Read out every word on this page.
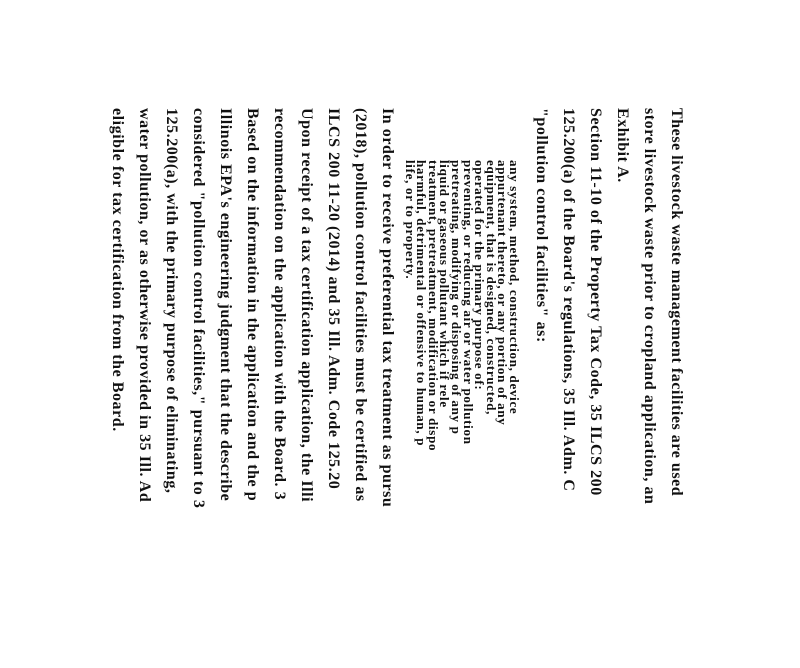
These livestock waste management facilities are used
store livestock waste prior to cropland application, an
Exhibit A.
Section 11-10 of the Property Tax Code, 35 ILCS 200
125.200(a) of the Board's regulations, 35 Ill. Adm. C
"pollution control facilities" as:
any system, method, construction, device
appurtenant thereto, or any portion of any
equipment, that is designed, constructed,
operated for the primary purpose of:
preventing, or reducing air or water pollution
pretreating, modifying or disposing of any p
liquid or gaseous pollutant which if rele
treatment, pretreatment, modification or dispo
harmful, detrimental or offensive to human, p
life, or to property.
In order to receive preferential tax treatment as pursu
(2018), pollution control facilities must be certified as
ILCS 200 11-20 (2014) and 35 Ill. Adm. Code 125.20
Upon receipt of a tax certification application, the Illi
recommendation on the application with the Board. 3
Based on the information in the application and the p
Illinois EPA's engineering judgment that the describe
considered "pollution control facilities," pursuant to 3
125.200(a), with the primary purpose of eliminating,
water pollution, or as otherwise provided in 35 Ill. Ad
eligible for tax certification from the Board.
